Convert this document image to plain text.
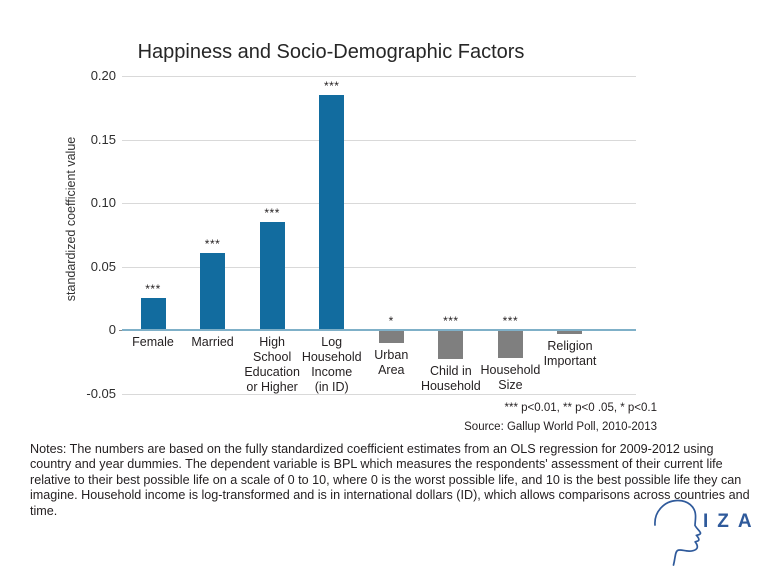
Happiness and Socio-Demographic Factors
standardized coefficient value
0.20
0.15
0.10
0.05
0
-0.05
***
Female
***
Married
***
High
School
Education
or Higher
***
Log
Household
Income
(in ID)
*
Urban
Area
***
Child in
Household
***
Household
Size
Religion
Important
*** p<0.01, ** p<0 .05, * p<0.1
Source: Gallup World Poll, 2010-2013
Notes: The numbers are based on the fully standardized coefficient estimates from an OLS regression for 2009-2012 using country and year dummies. The dependent variable is BPL which measures the respondents' assessment of their current life relative to their best possible life on a scale of 0 to 10, where 0 is the worst possible life, and 10 is the best possible life they can imagine. Household income is log-transformed and is in international dollars (ID), which allows comparisons across countries and time.
IZA
